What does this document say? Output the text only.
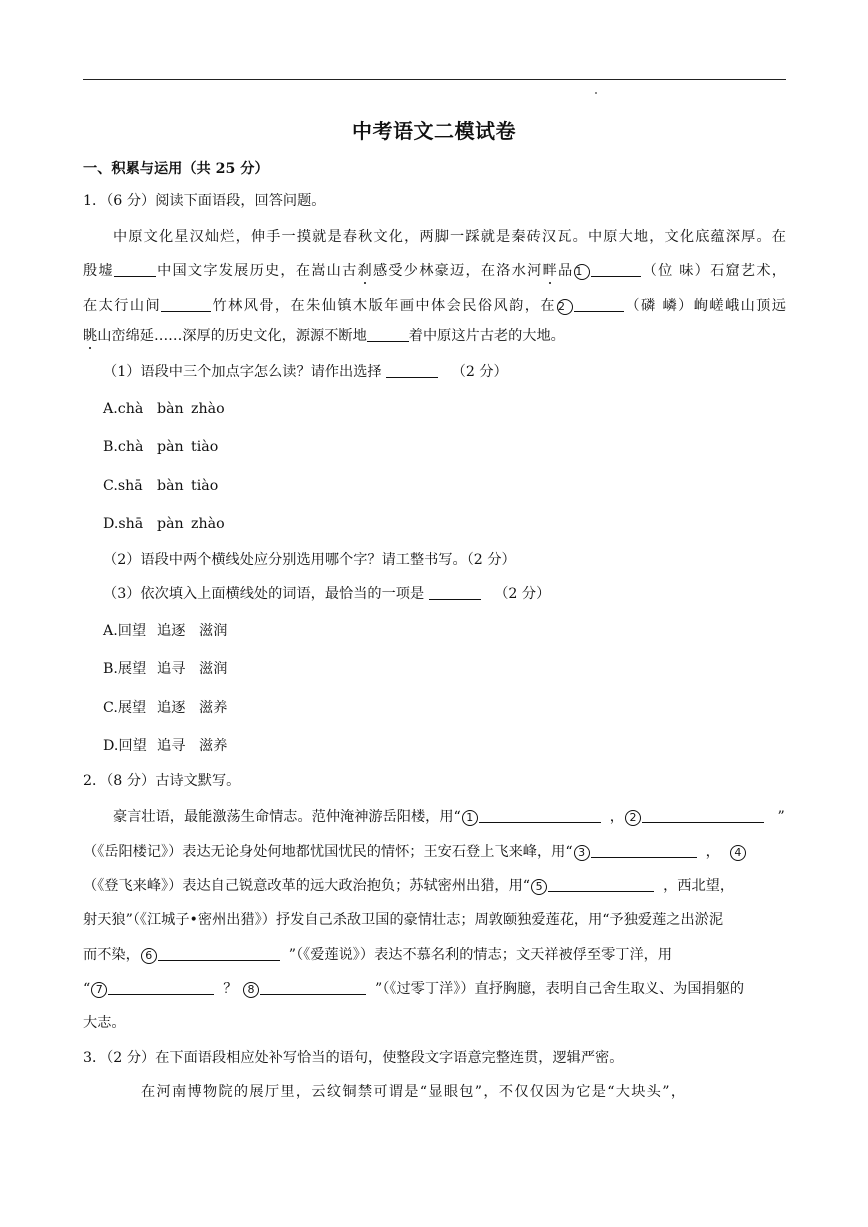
中考语文二模试卷
一、积累与运用（共 25 分）
1．（6 分）阅读下面语段，回答问题。
中原文化星汉灿烂，伸手一摸就是春秋文化，两脚一踩就是秦砖汉瓦。中原大地，文化底蕴深厚。在
殷墟	中国文字发展历史，在嵩山古刹感受少林豪迈，在洛水河畔品 1	（位 味）石窟艺术，
在太行山间	竹林风骨，在朱仙镇木版年画中体会民俗风韵，在 2	（磷 嶙）峋嵯峨山顶远
眺山峦绵延……深厚的历史文化，源源不断地	着中原这片古老的大地。
（1）语段中三个加点字怎么读？请作出选择	（2 分）
A.chà bàn zhào
B.chà pàn tiào
C.shā bàn tiào
D.shā pàn zhào
（2）语段中两个横线处应分别选用哪个字？请工整书写。（2 分）
（3）依次填入上面横线处的词语，最恰当的一项是	（2 分）
A.回望 追逐 滋润
B.展望 追寻 滋润
C.展望 追逐 滋养
D.回望 追寻 滋养
2．（8 分）古诗文默写。
豪言壮语，最能激荡生命情志。范仲淹神游岳阳楼，用“ 1	， 2	”
（《岳阳楼记》）表达无论身处何地都忧国忧民的情怀；王安石登上飞来峰，用“ 3	， 4
（《登飞来峰》）表达自己锐意改革的远大政治抱负；苏轼密州出猎，用“ 5	，西北望，
射天狼”（《江城子•密州出猎》）抒发自己杀敌卫国的豪情壮志；周敦颐独爱莲花，用“予独爱莲之出淤泥
而不染， 6	”（《爱莲说》）表达不慕名利的情志；文天祥被俘至零丁洋，用
“ 7	？ 8	”（《过零丁洋》）直抒胸臆，表明自己舍生取义、为国捐躯的
大志。
3．（2 分）在下面语段相应处补写恰当的语句，使整段文字语意完整连贯，逻辑严密。
在河南博物院的展厅里，云纹铜禁可谓是“显眼包”，不仅仅因为它是“大块头”，
